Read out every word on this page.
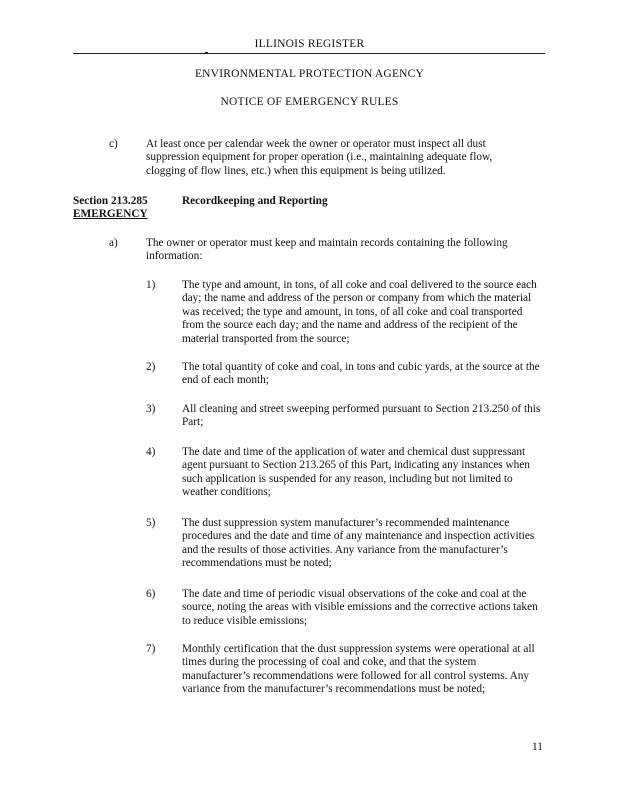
ILLINOIS REGISTER
ENVIRONMENTAL PROTECTION AGENCY
NOTICE OF EMERGENCY RULES
c) At least once per calendar week the owner or operator must inspect all dust suppression equipment for proper operation (i.e., maintaining adequate flow, clogging of flow lines, etc.) when this equipment is being utilized.
Section 213.285	Recordkeeping and Reporting
EMERGENCY
a) The owner or operator must keep and maintain records containing the following information:
1) The type and amount, in tons, of all coke and coal delivered to the source each day; the name and address of the person or company from which the material was received; the type and amount, in tons, of all coke and coal transported from the source each day; and the name and address of the recipient of the material transported from the source;
2) The total quantity of coke and coal, in tons and cubic yards, at the source at the end of each month;
3) All cleaning and street sweeping performed pursuant to Section 213.250 of this Part;
4) The date and time of the application of water and chemical dust suppressant agent pursuant to Section 213.265 of this Part, indicating any instances when such application is suspended for any reason, including but not limited to weather conditions;
5) The dust suppression system manufacturer’s recommended maintenance procedures and the date and time of any maintenance and inspection activities and the results of those activities. Any variance from the manufacturer’s recommendations must be noted;
6) The date and time of periodic visual observations of the coke and coal at the source, noting the areas with visible emissions and the corrective actions taken to reduce visible emissions;
7) Monthly certification that the dust suppression systems were operational at all times during the processing of coal and coke, and that the system manufacturer’s recommendations were followed for all control systems. Any variance from the manufacturer’s recommendations must be noted;
11
